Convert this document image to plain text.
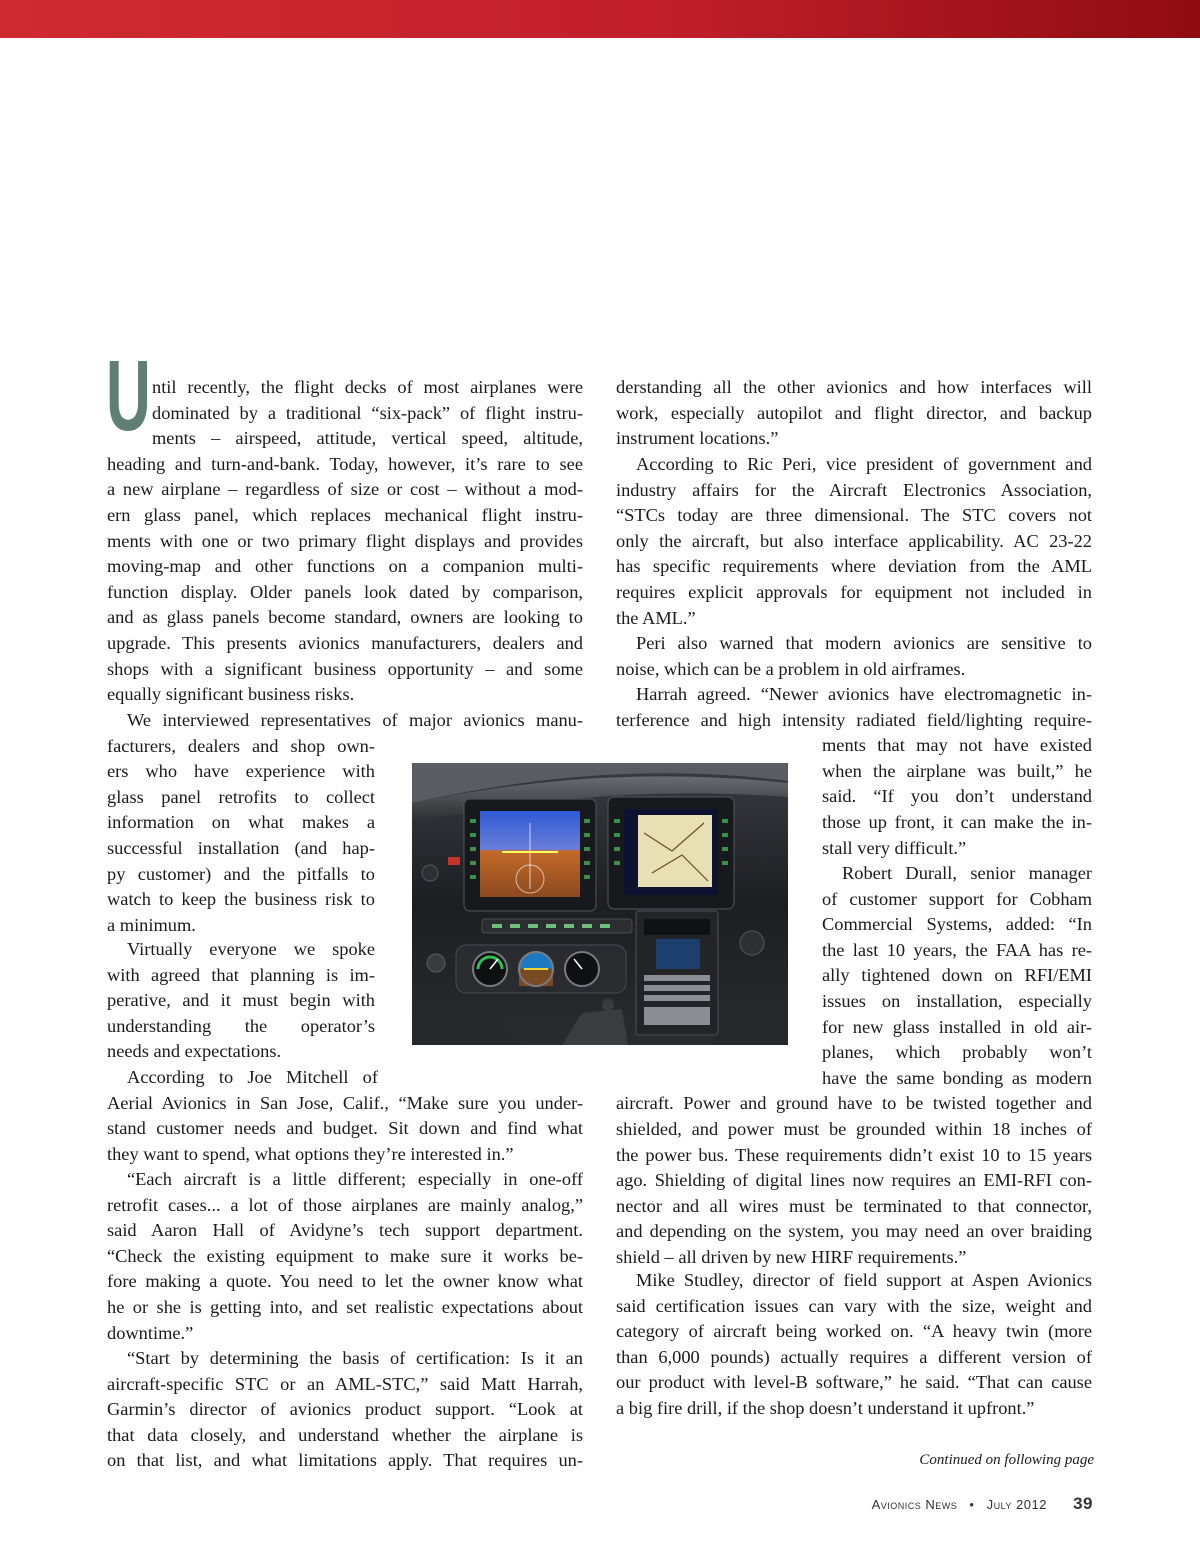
U ntil recently, the flight decks of most airplanes were
dominated by a traditional “six-pack” of flight instru-
ments – airspeed, attitude, vertical speed, altitude,
heading and turn-and-bank. Today, however, it’s rare to see
a new airplane – regardless of size or cost – without a mod-
ern glass panel, which replaces mechanical flight instru-
ments with one or two primary flight displays and provides
moving-map and other functions on a companion multi-
function display. Older panels look dated by comparison,
and as glass panels become standard, owners are looking to
upgrade. This presents avionics manufacturers, dealers and
shops with a significant business opportunity – and some
equally significant business risks.
We interviewed representatives of major avionics manu-
facturers, dealers and shop own-
ers who have experience with
glass panel retrofits to collect
information on what makes a
successful installation (and hap-
py customer) and the pitfalls to
watch to keep the business risk to
a minimum.
Virtually everyone we spoke
with agreed that planning is im-
perative, and it must begin with
understanding the operator’s
needs and expectations.
According to Joe Mitchell of
Aerial Avionics in San Jose, Calif., “Make sure you under-
stand customer needs and budget. Sit down and find what
they want to spend, what options they’re interested in.”
“Each aircraft is a little different; especially in one-off
retrofit cases... a lot of those airplanes are mainly analog,”
said Aaron Hall of Avidyne’s tech support department.
“Check the existing equipment to make sure it works be-
fore making a quote. You need to let the owner know what
he or she is getting into, and set realistic expectations about
downtime.”
“Start by determining the basis of certification: Is it an
aircraft-specific STC or an AML-STC,” said Matt Harrah,
Garmin’s director of avionics product support. “Look at
that data closely, and understand whether the airplane is
on that list, and what limitations apply. That requires un-
derstanding all the other avionics and how interfaces will
work, especially autopilot and flight director, and backup
instrument locations.”
According to Ric Peri, vice president of government and
industry affairs for the Aircraft Electronics Association,
“STCs today are three dimensional. The STC covers not
only the aircraft, but also interface applicability. AC 23-22
has specific requirements where deviation from the AML
requires explicit approvals for equipment not included in
the AML.”
Peri also warned that modern avionics are sensitive to
noise, which can be a problem in old airframes.
Harrah agreed. “Newer avionics have electromagnetic in-
terference and high intensity radiated field/lighting require-
ments that may not have existed
when the airplane was built,” he
said. “If you don’t understand
those up front, it can make the in-
stall very difficult.”
Robert Durall, senior manager
of customer support for Cobham
Commercial Systems, added: “In
the last 10 years, the FAA has re-
ally tightened down on RFI/EMI
issues on installation, especially
for new glass installed in old air-
planes, which probably won’t
have the same bonding as modern
aircraft. Power and ground have to be twisted together and
shielded, and power must be grounded within 18 inches of
the power bus. These requirements didn’t exist 10 to 15 years
ago. Shielding of digital lines now requires an EMI-RFI con-
nector and all wires must be terminated to that connector,
and depending on the system, you may need an over braiding
shield – all driven by new HIRF requirements.”
Mike Studley, director of field support at Aspen Avionics
said certification issues can vary with the size, weight and
category of aircraft being worked on. “A heavy twin (more
than 6,000 pounds) actually requires a different version of
our product with level-B software,” he said. “That can cause
a big fire drill, if the shop doesn’t understand it upfront.”
Continued on following page
Avionics News • July 2012 39
